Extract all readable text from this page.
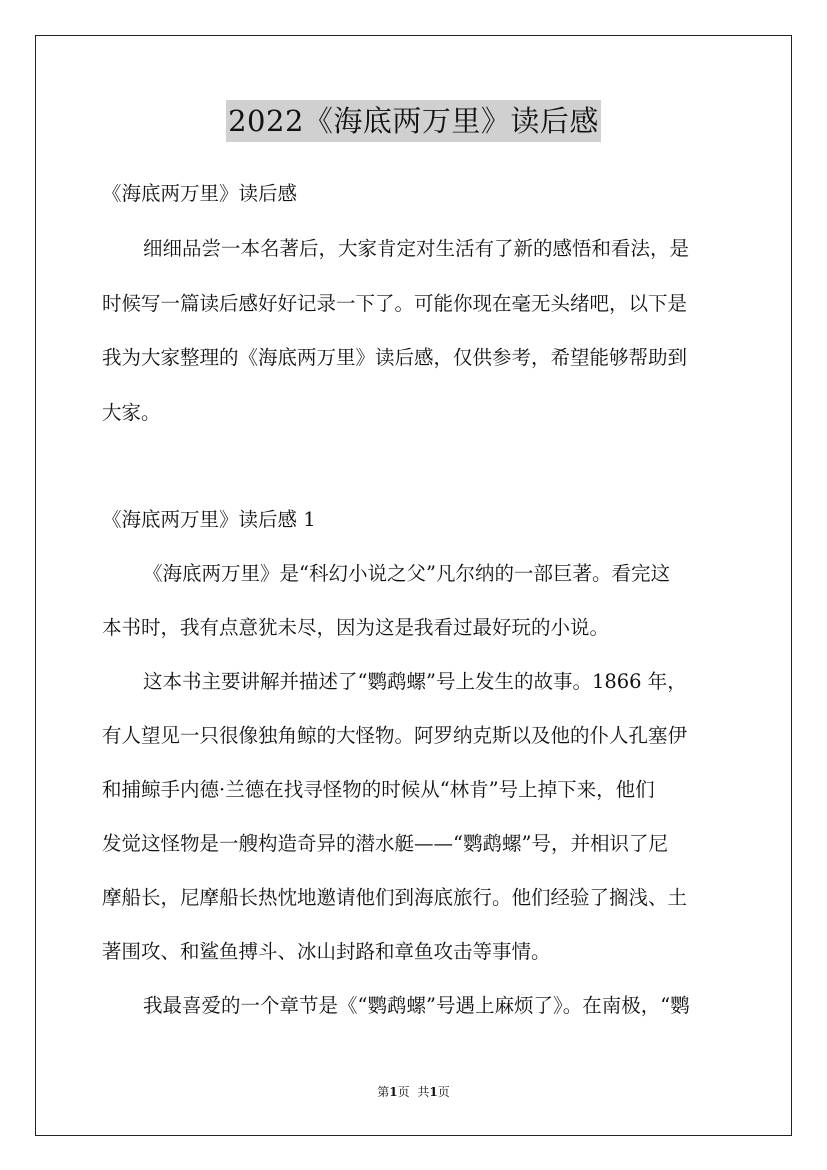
2022《海底两万里》读后感
《海底两万里》读后感
细细品尝一本名著后，大家肯定对生活有了新的感悟和看法，是
时候写一篇读后感好好记录一下了。可能你现在毫无头绪吧，以下是
我为大家整理的《海底两万里》读后感，仅供参考，希望能够帮助到
大家。
《海底两万里》读后感 1
《海底两万里》是“科幻小说之父”凡尔纳的一部巨著。看完这
本书时，我有点意犹未尽，因为这是我看过最好玩的小说。
这本书主要讲解并描述了“鹦鹉螺”号上发生的故事。1866 年，
有人望见一只很像独角鲸的大怪物。阿罗纳克斯以及他的仆人孔塞伊
和捕鲸手内德·兰德在找寻怪物的时候从“林肯”号上掉下来，他们
发觉这怪物是一艘构造奇异的潜水艇——“鹦鹉螺”号，并相识了尼
摩船长，尼摩船长热忱地邀请他们到海底旅行。他们经验了搁浅、土
著围攻、和鲨鱼搏斗、冰山封路和章鱼攻击等事情。
我最喜爱的一个章节是《“鹦鹉螺”号遇上麻烦了》。在南极，“鹦
第1页 共1页
